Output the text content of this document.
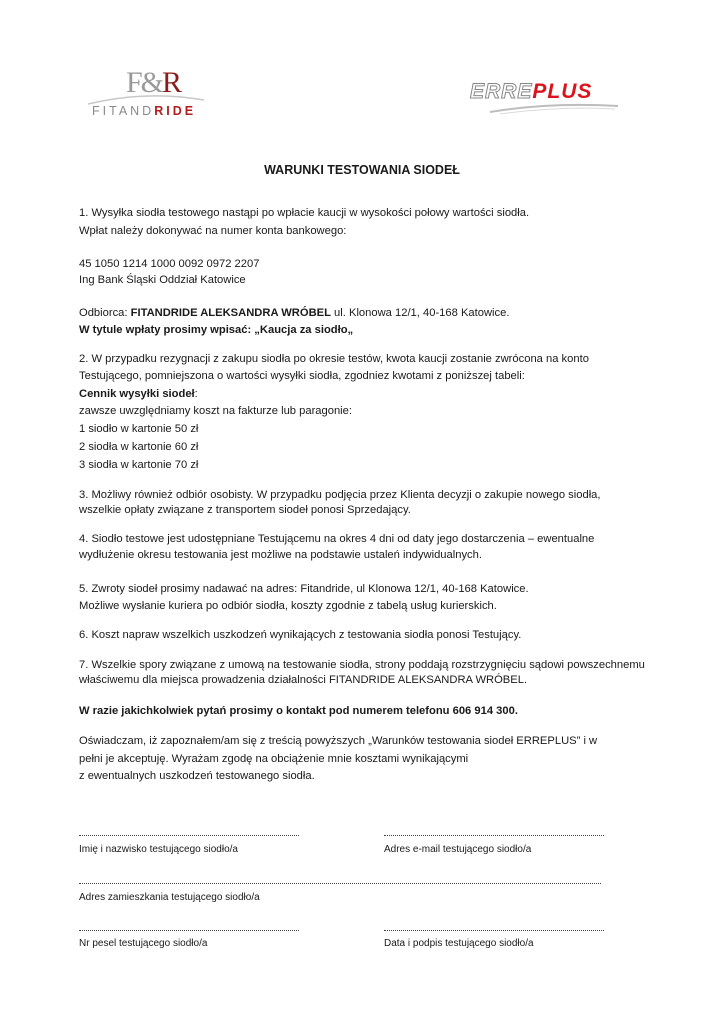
F&R
FITANDRIDE
ERREPLUS
WARUNKI TESTOWANIA SIODEŁ

1. Wysyłka siodła testowego nastąpi po wpłacie kaucji w wysokości połowy wartości siodła.

Wpłat należy dokonywać na numer konta bankowego:

45 1050 1214 1000 0092 0972 2207

Ing Bank Śląski Oddział Katowice

Odbiorca: FITANDRIDE ALEKSANDRA WRÓBEL ul. Klonowa 12/1, 40-168 Katowice.

W tytule wpłaty prosimy wpisać: „Kaucja za siodło„

2. W przypadku rezygnacji z zakupu siodła po okresie testów, kwota kaucji zostanie zwrócona na konto

Testującego, pomniejszona o wartości wysyłki siodła, zgodniez kwotami z poniższej tabeli:

Cennik wysyłki siodeł:

zawsze uwzględniamy koszt na fakturze lub paragonie:

1 siodło w kartonie 50 zł

2 siodła w kartonie 60 zł

3 siodła w kartonie 70 zł

3. Możliwy również odbiór osobisty. W przypadku podjęcia przez Klienta decyzji o zakupie nowego siodła,

wszelkie opłaty związane z transportem siodeł ponosi Sprzedający.

4. Siodło testowe jest udostępniane Testującemu na okres 4 dni od daty jego dostarczenia – ewentualne

wydłużenie okresu testowania jest możliwe na podstawie ustaleń indywidualnych.

5. Zwroty siodeł prosimy nadawać na adres: Fitandride, ul Klonowa 12/1, 40-168 Katowice.

Możliwe wysłanie kuriera po odbiór siodła, koszty zgodnie z tabelą usług kurierskich.

6. Koszt napraw wszelkich uszkodzeń wynikających z testowania siodła ponosi Testujący.

7. Wszelkie spory związane z umową na testowanie siodła, strony poddają rozstrzygnięciu sądowi powszechnemu

właściwemu dla miejsca prowadzenia działalności FITANDRIDE ALEKSANDRA WRÓBEL.

W razie jakichkolwiek pytań prosimy o kontakt pod numerem telefonu 606 914 300.

Oświadczam, iż zapoznałem/am się z treścią powyższych „Warunków testowania siodeł ERREPLUS” i w

pełni je akceptuję. Wyrażam zgodę na obciążenie mnie kosztami wynikającymi

z ewentualnych uszkodzeń testowanego siodła.

Imię i nazwisko testującego siodło/a	Adres e-mail testującego siodło/a
Adres zamieszkania testującego siodło/a
Nr pesel testującego siodło/a	Data i podpis testującego siodło/a
